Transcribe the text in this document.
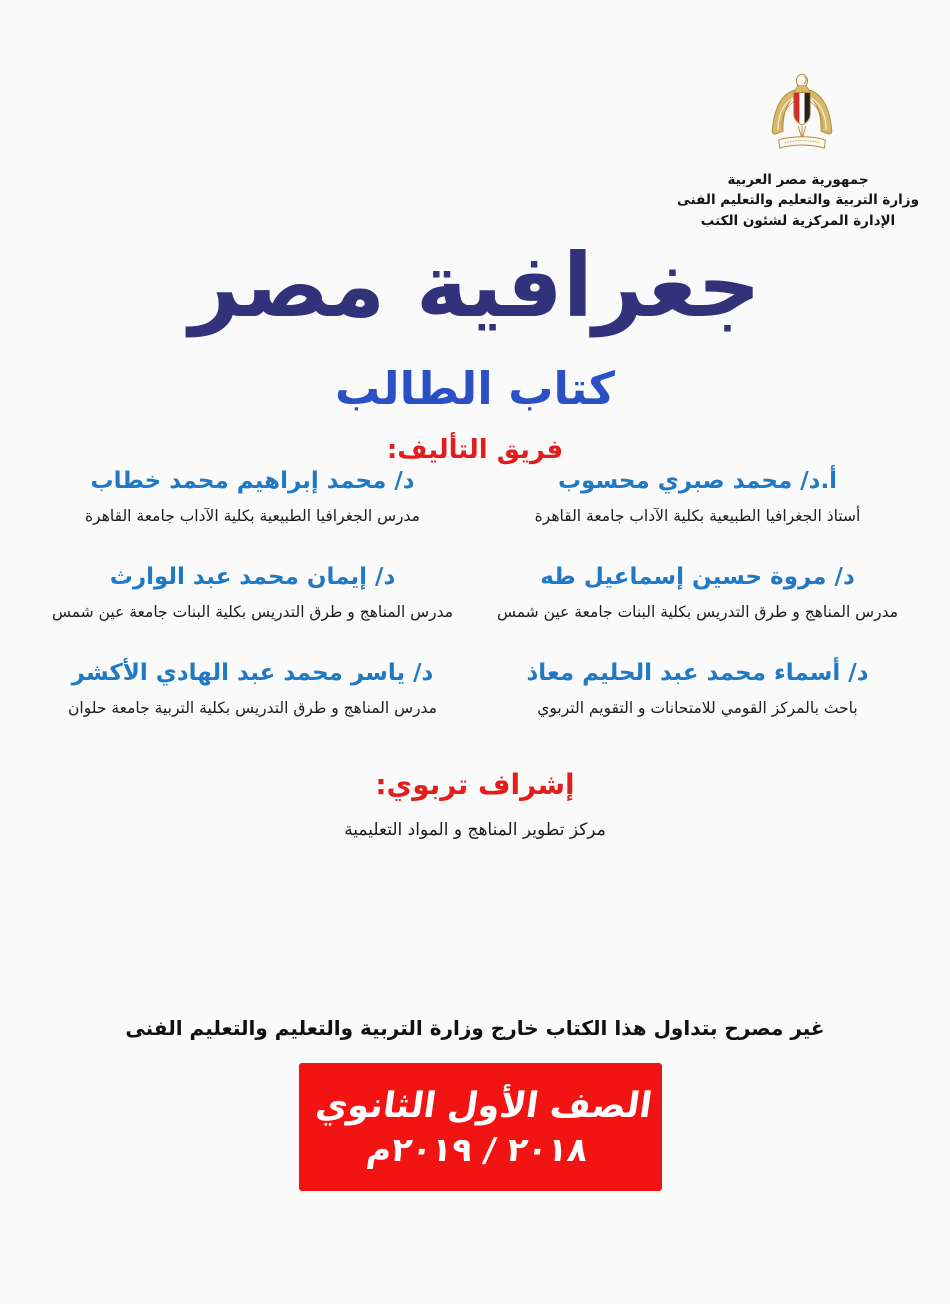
جمهورية مصر العربية
وزارة التربية والتعليم والتعليم الفنى
الإدارة المركزية لشئون الكتب
جغرافية مصر
كتاب الطالب
فريق التأليف:
أ.د/ محمد صبري محسوب
أستاذ الجغرافيا الطبيعية بكلية الآداب جامعة القاهرة
د/ محمد إبراهيم محمد خطاب
مدرس الجغرافيا الطبيعية بكلية الآداب جامعة القاهرة
د/ مروة حسين إسماعيل طه
مدرس المناهج و طرق التدريس بكلية البنات جامعة عين شمس
د/ إيمان محمد عبد الوارث
مدرس المناهج و طرق التدريس بكلية البنات جامعة عين شمس
د/ أسماء محمد عبد الحليم معاذ
باحث بالمركز القومي للامتحانات و التقويم التربوي
د/ ياسر محمد عبد الهادي الأكشر
مدرس المناهج و طرق التدريس بكلية التربية جامعة حلوان
إشراف تربوي:
مركز تطوير المناهج و المواد التعليمية
غير مصرح بتداول هذا الكتاب خارج وزارة التربية والتعليم والتعليم الفنى
الصف الأول الثانوي
٢٠١٨ / ٢٠١٩م
